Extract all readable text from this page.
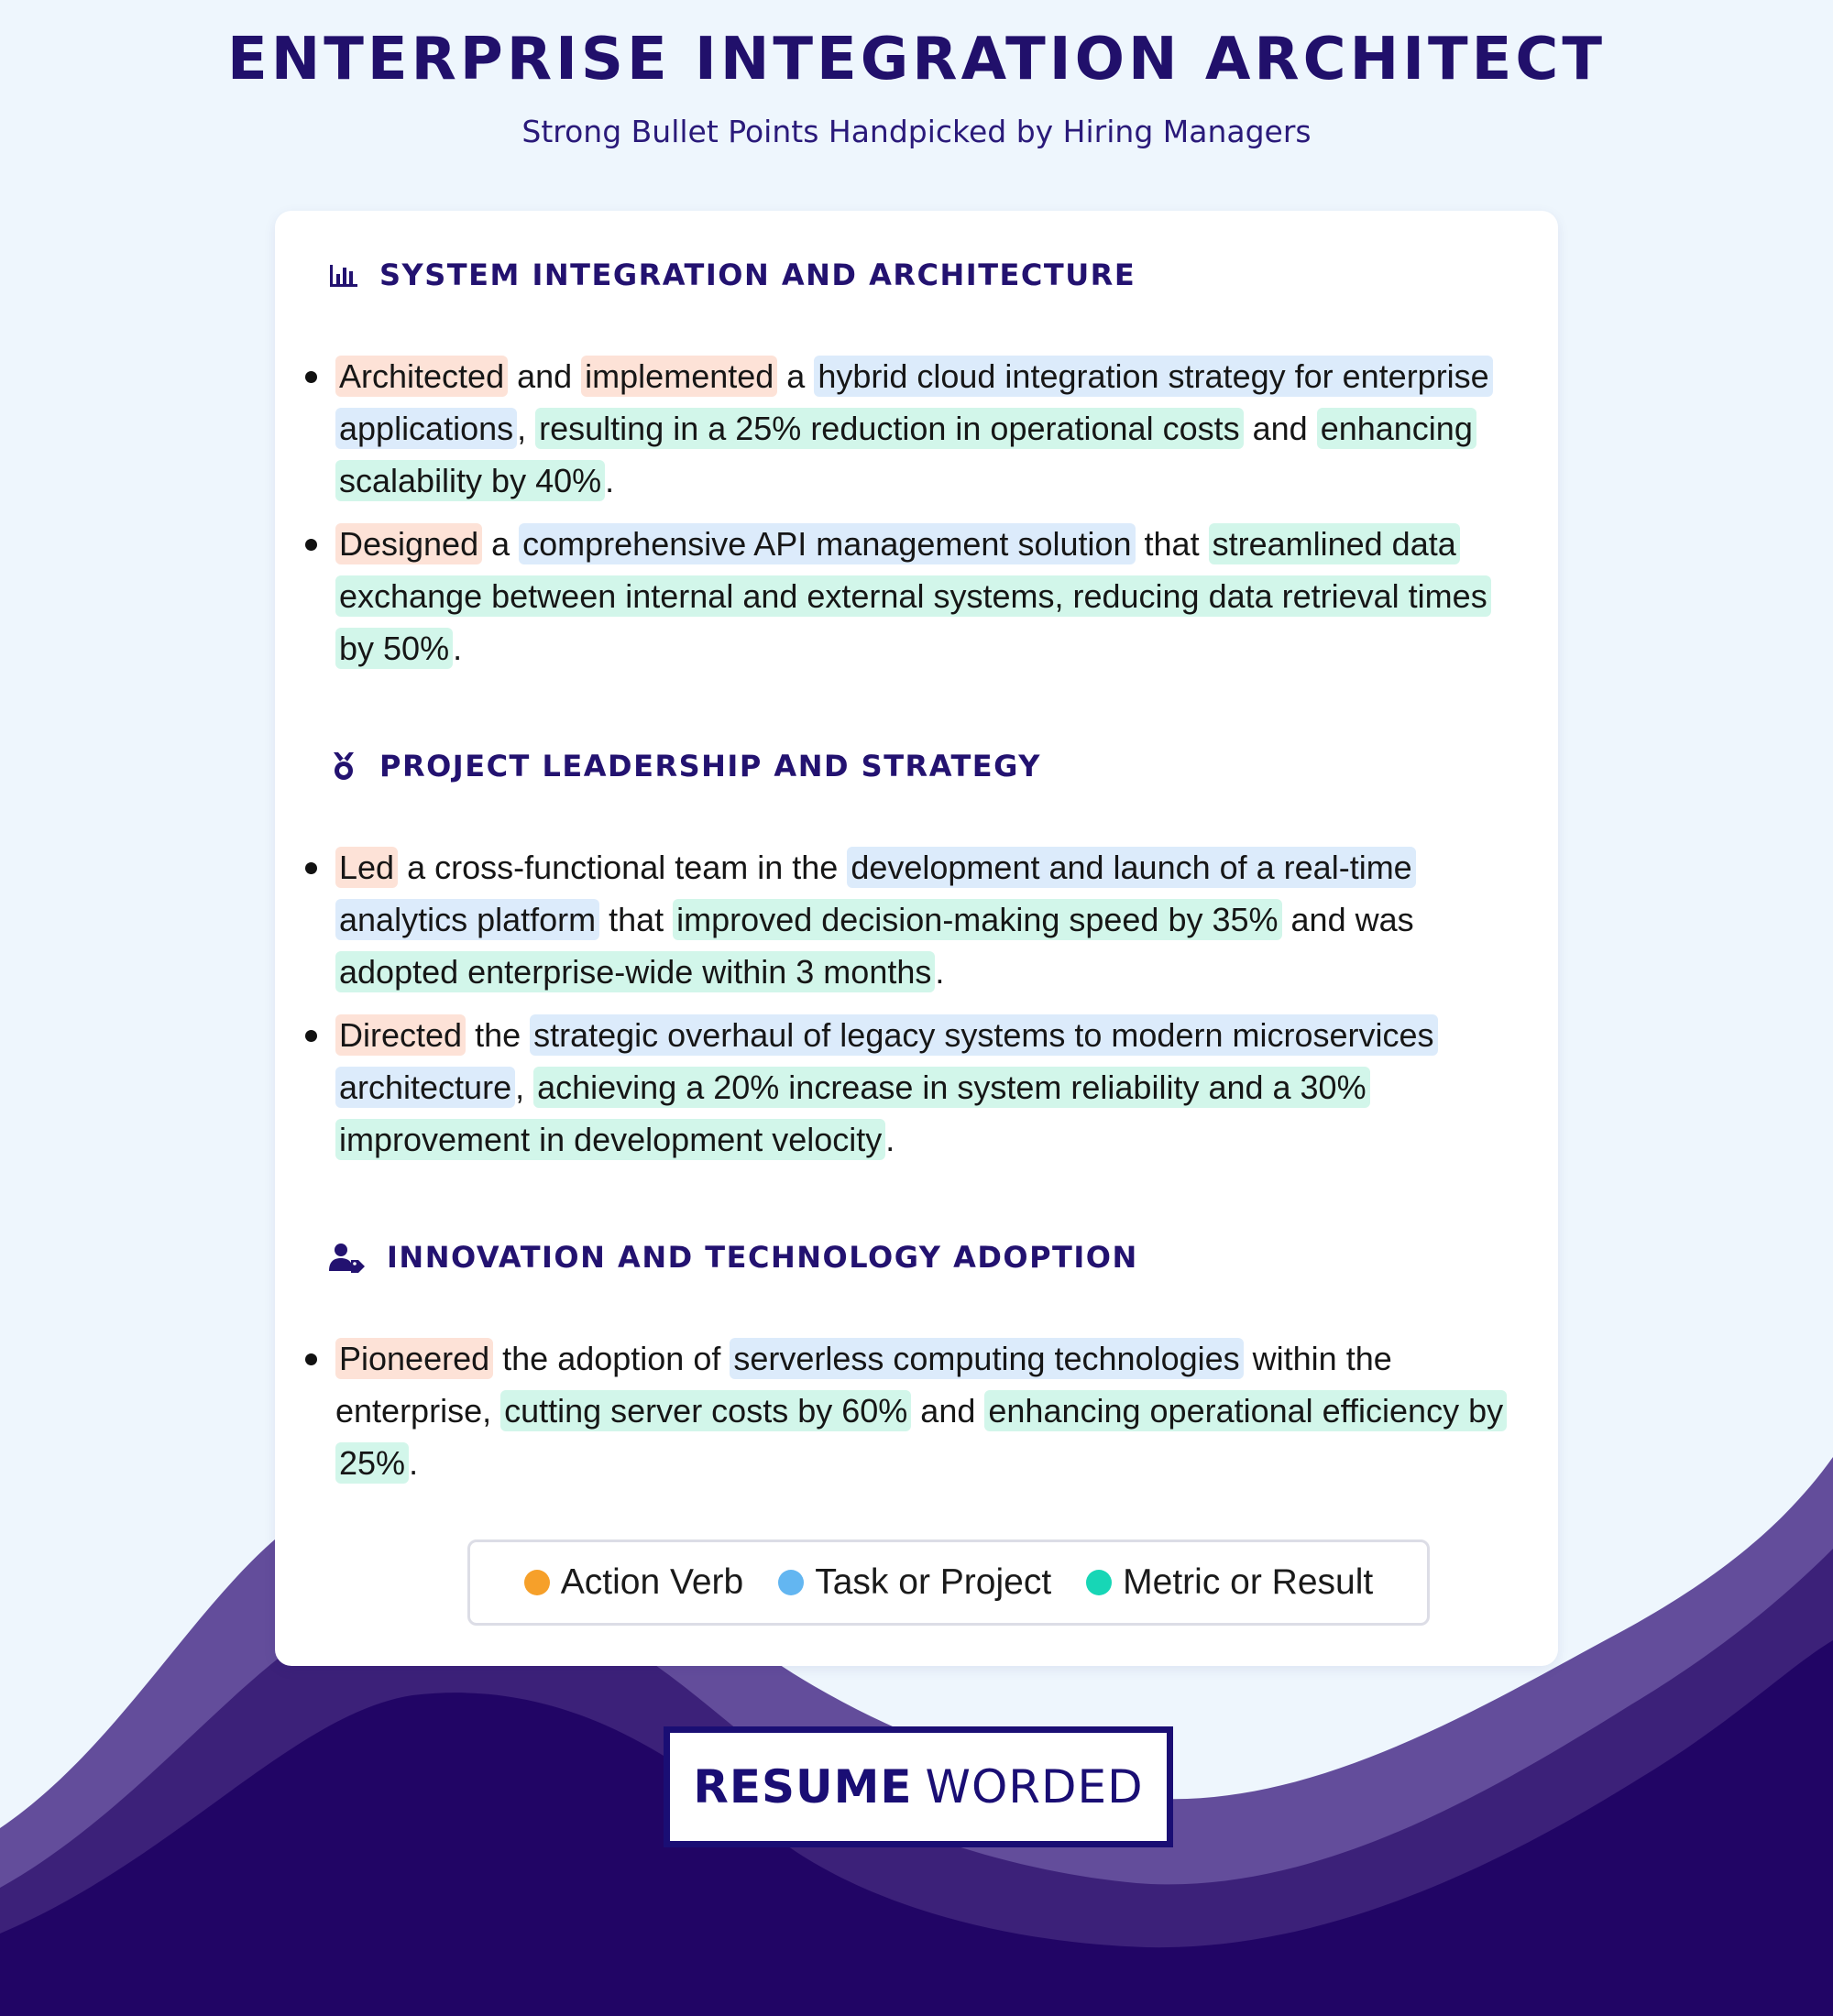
ENTERPRISE INTEGRATION ARCHITECT
Strong Bullet Points Handpicked by Hiring Managers
SYSTEM INTEGRATION AND ARCHITECTURE
Architected and implemented a hybrid cloud integration strategy for enterprise applications , resulting in a 25% reduction in operational costs and enhancing scalability by 40% .
Designed a comprehensive API management solution that streamlined data exchange between internal and external systems, reducing data retrieval times by 50% .
PROJECT LEADERSHIP AND STRATEGY
Led a cross-functional team in the development and launch of a real-time analytics platform that improved decision-making speed by 35% and was adopted enterprise-wide within 3 months .
Directed the strategic overhaul of legacy systems to modern microservices architecture , achieving a 20% increase in system reliability and a 30% improvement in development velocity .
INNOVATION AND TECHNOLOGY ADOPTION
Pioneered the adoption of serverless computing technologies within the enterprise, cutting server costs by 60% and enhancing operational efficiency by 25% .
Action Verb Task or Project Metric or Result
RESUME WORDED
